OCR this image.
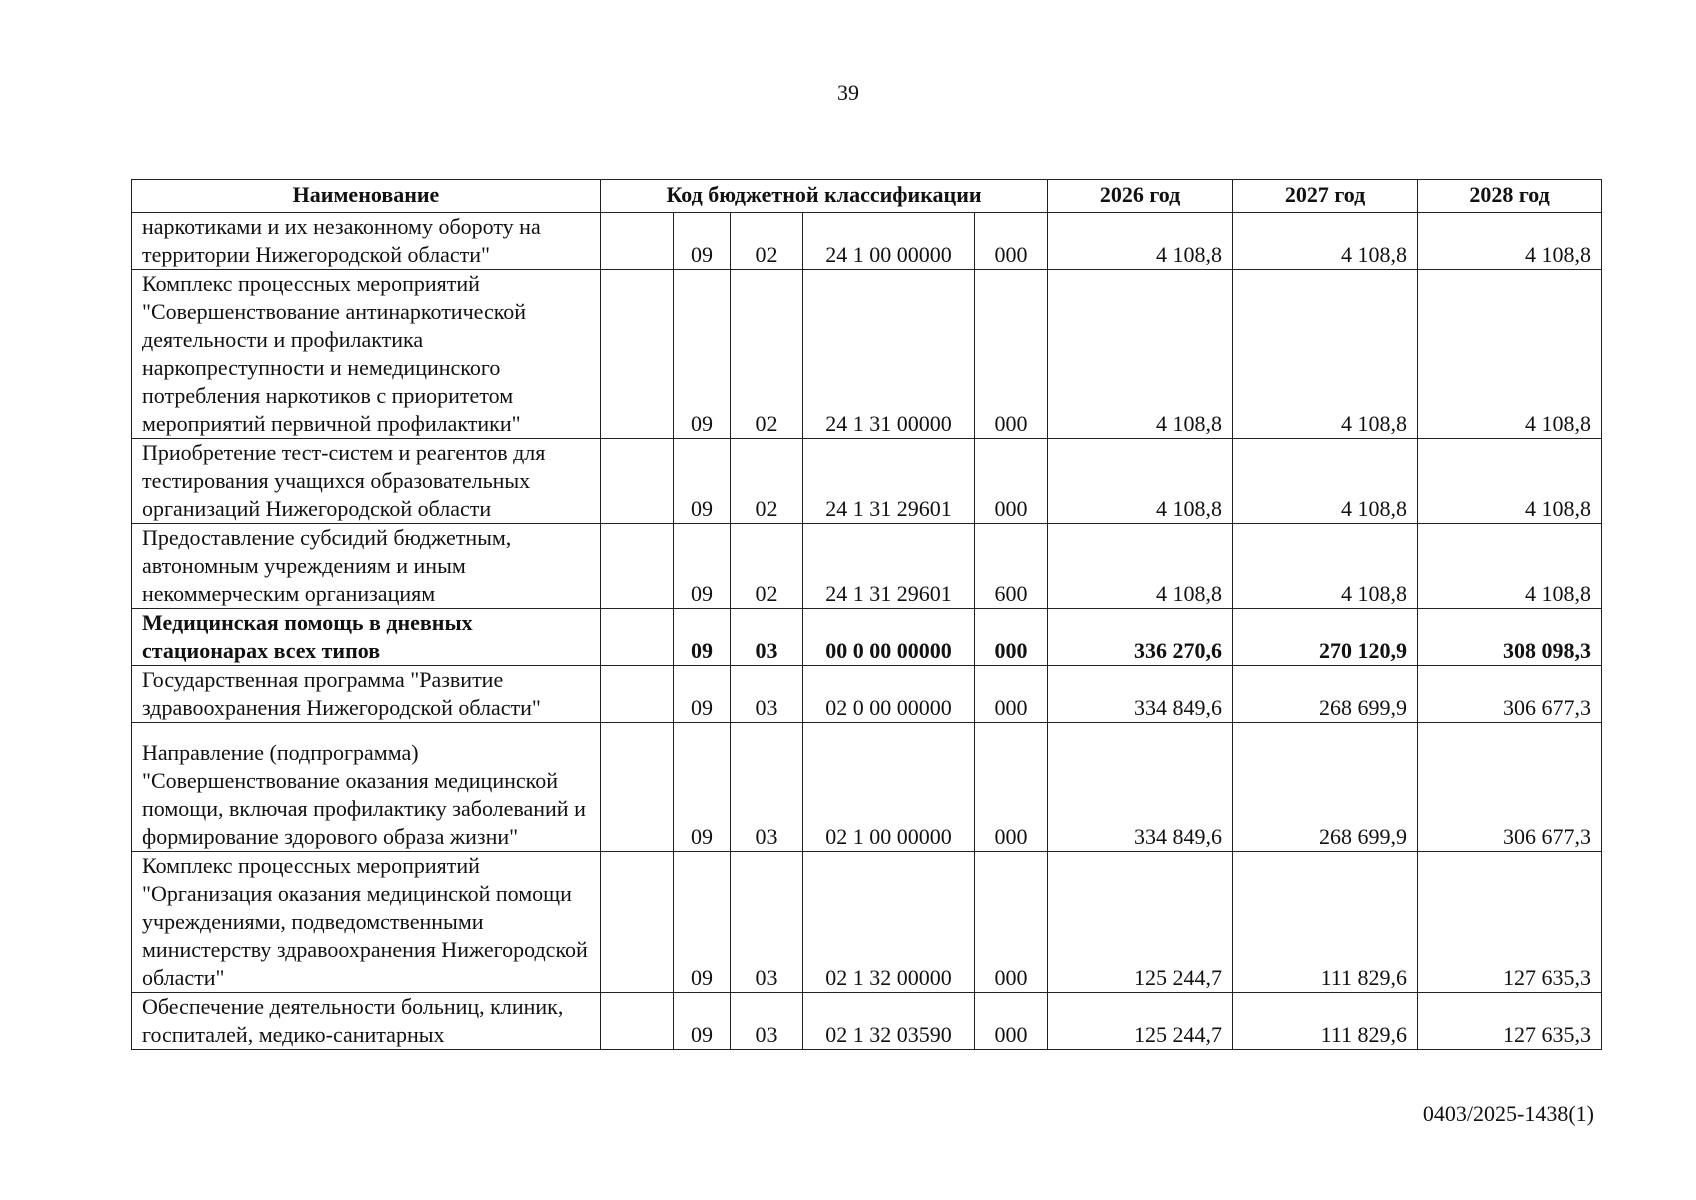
39
Наименование	Код бюджетной классификации					2026 год	2027 год	2028 год
наркотиками и их незаконному обороту на территории Нижегородской области"		09	02	24 1 00 00000	000	4 108,8	4 108,8	4 108,8
Комплекс процессных мероприятий "Совершенствование антинаркотической деятельности и профилактика наркопреступности и немедицинского потребления наркотиков с приоритетом мероприятий первичной профилактики"		09	02	24 1 31 00000	000	4 108,8	4 108,8	4 108,8
Приобретение тест-систем и реагентов для тестирования учащихся образовательных организаций Нижегородской области		09	02	24 1 31 29601	000	4 108,8	4 108,8	4 108,8
Предоставление субсидий бюджетным, автономным учреждениям и иным некоммерческим организациям		09	02	24 1 31 29601	600	4 108,8	4 108,8	4 108,8
Медицинская помощь в дневных стационарах всех типов		09	03	00 0 00 00000	000	336 270,6	270 120,9	308 098,3
Государственная программа "Развитие здравоохранения Нижегородской области"		09	03	02 0 00 00000	000	334 849,6	268 699,9	306 677,3
Направление (подпрограмма) "Совершенствование оказания медицинской помощи, включая профилактику заболеваний и формирование здорового образа жизни"		09	03	02 1 00 00000	000	334 849,6	268 699,9	306 677,3
Комплекс процессных мероприятий "Организация оказания медицинской помощи учреждениями, подведомственными министерству здравоохранения Нижегородской области"		09	03	02 1 32 00000	000	125 244,7	111 829,6	127 635,3
Обеспечение деятельности больниц, клиник, госпиталей, медико-санитарных		09	03	02 1 32 03590	000	125 244,7	111 829,6	127 635,3
0403/2025-1438(1)
